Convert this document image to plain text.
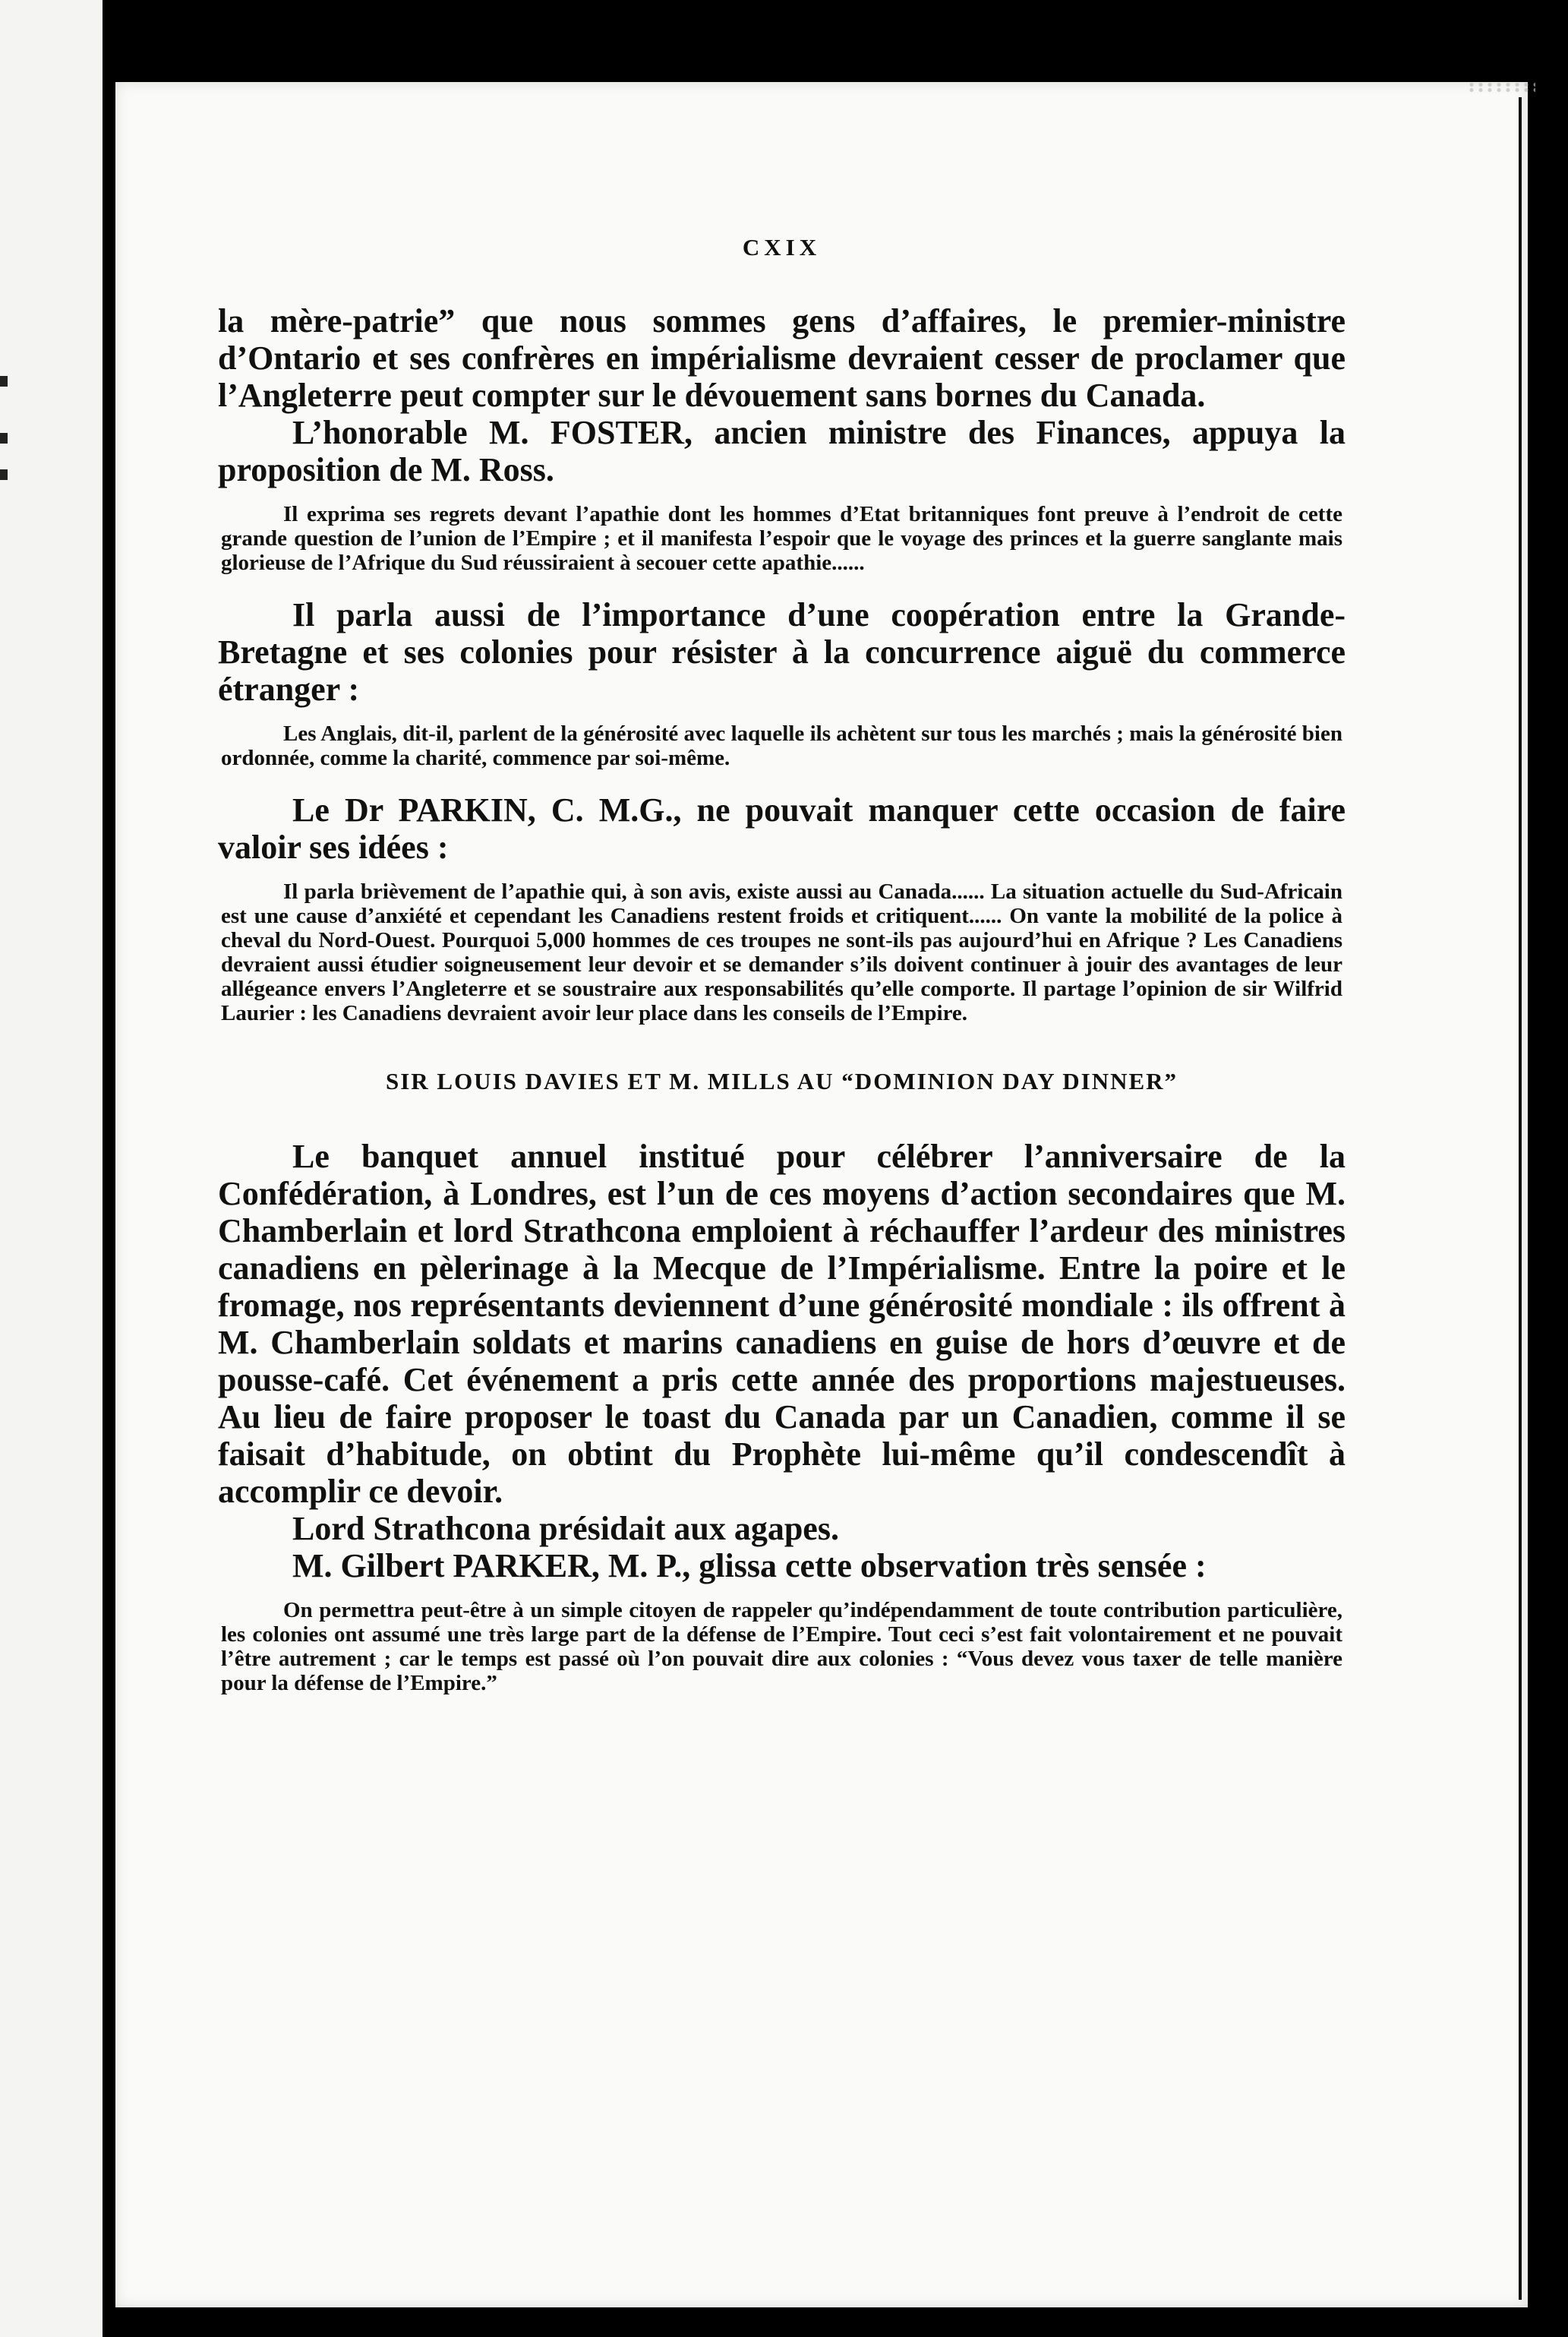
CXIX

la mère-patrie” que nous sommes gens d’affaires, le premier-ministre d’Ontario et ses confrères en impérialisme devraient cesser de proclamer que l’Angleterre peut compter sur le dévouement sans bornes du Canada.

L’honorable M. FOSTER, ancien ministre des Finances, appuya la proposition de M. Ross.

Il exprima ses regrets devant l’apathie dont les hommes d’Etat britanniques font preuve à l’endroit de cette grande question de l’union de l’Empire ; et il manifesta l’espoir que le voyage des princes et la guerre sanglante mais glorieuse de l’Afrique du Sud réussiraient à secouer cette apathie......

Il parla aussi de l’importance d’une coopération entre la Grande-Bretagne et ses colonies pour résister à la concurrence aiguë du commerce étranger :

Les Anglais, dit-il, parlent de la générosité avec laquelle ils achètent sur tous les marchés ; mais la générosité bien ordonnée, comme la charité, commence par soi-même.

Le Dr PARKIN, C. M.G., ne pouvait manquer cette occasion de faire valoir ses idées :

Il parla brièvement de l’apathie qui, à son avis, existe aussi au Canada...... La situation actuelle du Sud-Africain est une cause d’anxiété et cependant les Canadiens restent froids et critiquent...... On vante la mobilité de la police à cheval du Nord-Ouest. Pourquoi 5,000 hommes de ces troupes ne sont-ils pas aujourd’hui en Afrique ? Les Canadiens devraient aussi étudier soigneusement leur devoir et se demander s’ils doivent continuer à jouir des avantages de leur allégeance envers l’Angleterre et se soustraire aux responsabilités qu’elle comporte. Il partage l’opinion de sir Wilfrid Laurier : les Canadiens devraient avoir leur place dans les conseils de l’Empire.

SIR LOUIS DAVIES ET M. MILLS AU “DOMINION DAY DINNER”

Le banquet annuel institué pour célébrer l’anniversaire de la Confédération, à Londres, est l’un de ces moyens d’action secondaires que M. Chamberlain et lord Strathcona emploient à réchauffer l’ardeur des ministres canadiens en pèlerinage à la Mecque de l’Impérialisme. Entre la poire et le fromage, nos représentants deviennent d’une générosité mondiale : ils offrent à M. Chamberlain soldats et marins canadiens en guise de hors d’œuvre et de pousse-café. Cet événement a pris cette année des proportions majestueuses. Au lieu de faire proposer le toast du Canada par un Canadien, comme il se faisait d’habitude, on obtint du Prophète lui-même qu’il condescendît à accomplir ce devoir.

Lord Strathcona présidait aux agapes.

M. Gilbert PARKER, M. P., glissa cette observation très sensée :

On permettra peut-être à un simple citoyen de rappeler qu’indépendamment de toute contribution particulière, les colonies ont assumé une très large part de la défense de l’Empire. Tout ceci s’est fait volontairement et ne pouvait l’être autrement ; car le temps est passé où l’on pouvait dire aux colonies : “Vous devez vous taxer de telle manière pour la défense de l’Empire.”
